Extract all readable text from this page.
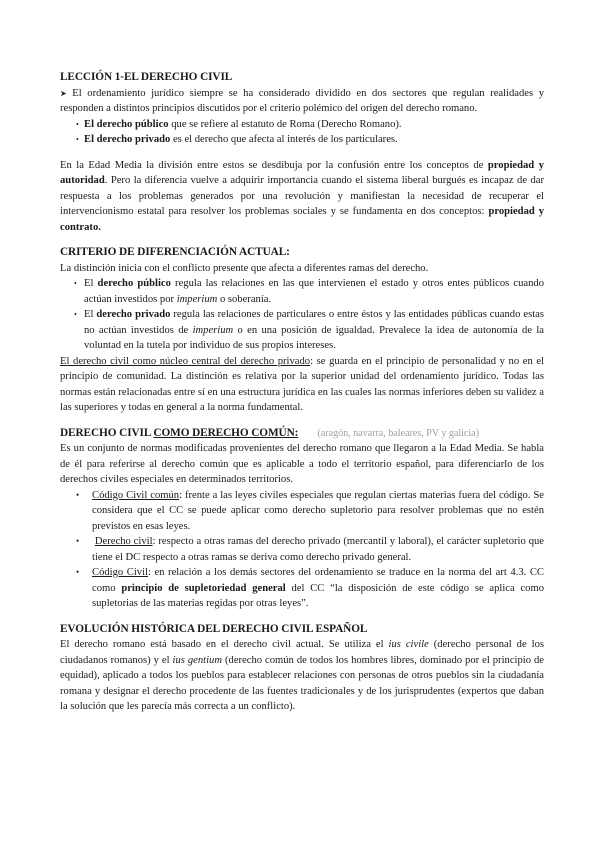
LECCIÓN 1-EL DERECHO CIVIL

➤ El ordenamiento jurídico siempre se ha considerado dividido en dos sectores que regulan realidades y responden a distintos principios discutidos por el criterio polémico del origen del derecho romano.

• El derecho público que se refiere al estatuto de Roma (Derecho Romano).
• El derecho privado es el derecho que afecta al interés de los particulares.

En la Edad Media la división entre estos se desdibuja por la confusión entre los conceptos de propiedad y autoridad. Pero la diferencia vuelve a adquirir importancia cuando el sistema liberal burgués es incapaz de dar respuesta a los problemas generados por una revolución y manifiestan la necesidad de recuperar el intervencionismo estatal para resolver los problemas sociales y se fundamenta en dos conceptos: propiedad y contrato.

CRITERIO DE DIFERENCIACIÓN ACTUAL:

La distinción inicia con el conflicto presente que afecta a diferentes ramas del derecho.

• El derecho público regula las relaciones en las que intervienen el estado y otros entes públicos cuando actúan investidos por imperium o soberanía.
• El derecho privado regula las relaciones de particulares o entre éstos y las entidades públicas cuando estas no actúan investidos de imperium o en una posición de igualdad. Prevalece la idea de autonomía de la voluntad en la tutela por individuo de sus propios intereses.

El derecho civil como núcleo central del derecho privado: se guarda en el principio de personalidad y no en el principio de comunidad. La distinción es relativa por la superior unidad del ordenamiento jurídico. Todas las normas están relacionadas entre sí en una estructura jurídica en las cuales las normas inferiores deben su validez a las superiores y todas en general a la norma fundamental.

DERECHO CIVIL COMO DERECHO COMÚN: (aragón, navarra, baleares, PV y galicia)

Es un conjunto de normas modificadas provenientes del derecho romano que llegaron a la Edad Media. Se habla de él para referirse al derecho común que es aplicable a todo el territorio español, para diferenciarlo de los derechos civiles especiales en determinados territorios.

• Código Civil común: frente a las leyes civiles especiales que regulan ciertas materias fuera del código. Se considera que el CC se puede aplicar como derecho supletorio para resolver problemas que no estén previstos en esas leyes.
• Derecho civil: respecto a otras ramas del derecho privado (mercantil y laboral), el carácter supletorio que tiene el DC respecto a otras ramas se deriva como derecho privado general.
• Código Civil: en relación a los demás sectores del ordenamiento se traduce en la norma del art 4.3. CC como principio de supletoriedad general del CC “la disposición de este código se aplica como supletorias de las materias regidas por otras leyes”.

EVOLUCIÓN HISTÓRICA DEL DERECHO CIVIL ESPAÑOL

El derecho romano está basado en el derecho civil actual. Se utiliza el ius civile (derecho personal de los ciudadanos romanos) y el ius gentium (derecho común de todos los hombres libres, dominado por el principio de equidad), aplicado a todos los pueblos para establecer relaciones con personas de otros pueblos sin la ciudadanía romana y designar el derecho procedente de las fuentes tradicionales y de los jurisprudentes (expertos que daban la solución que les parecía más correcta a un conflicto).
